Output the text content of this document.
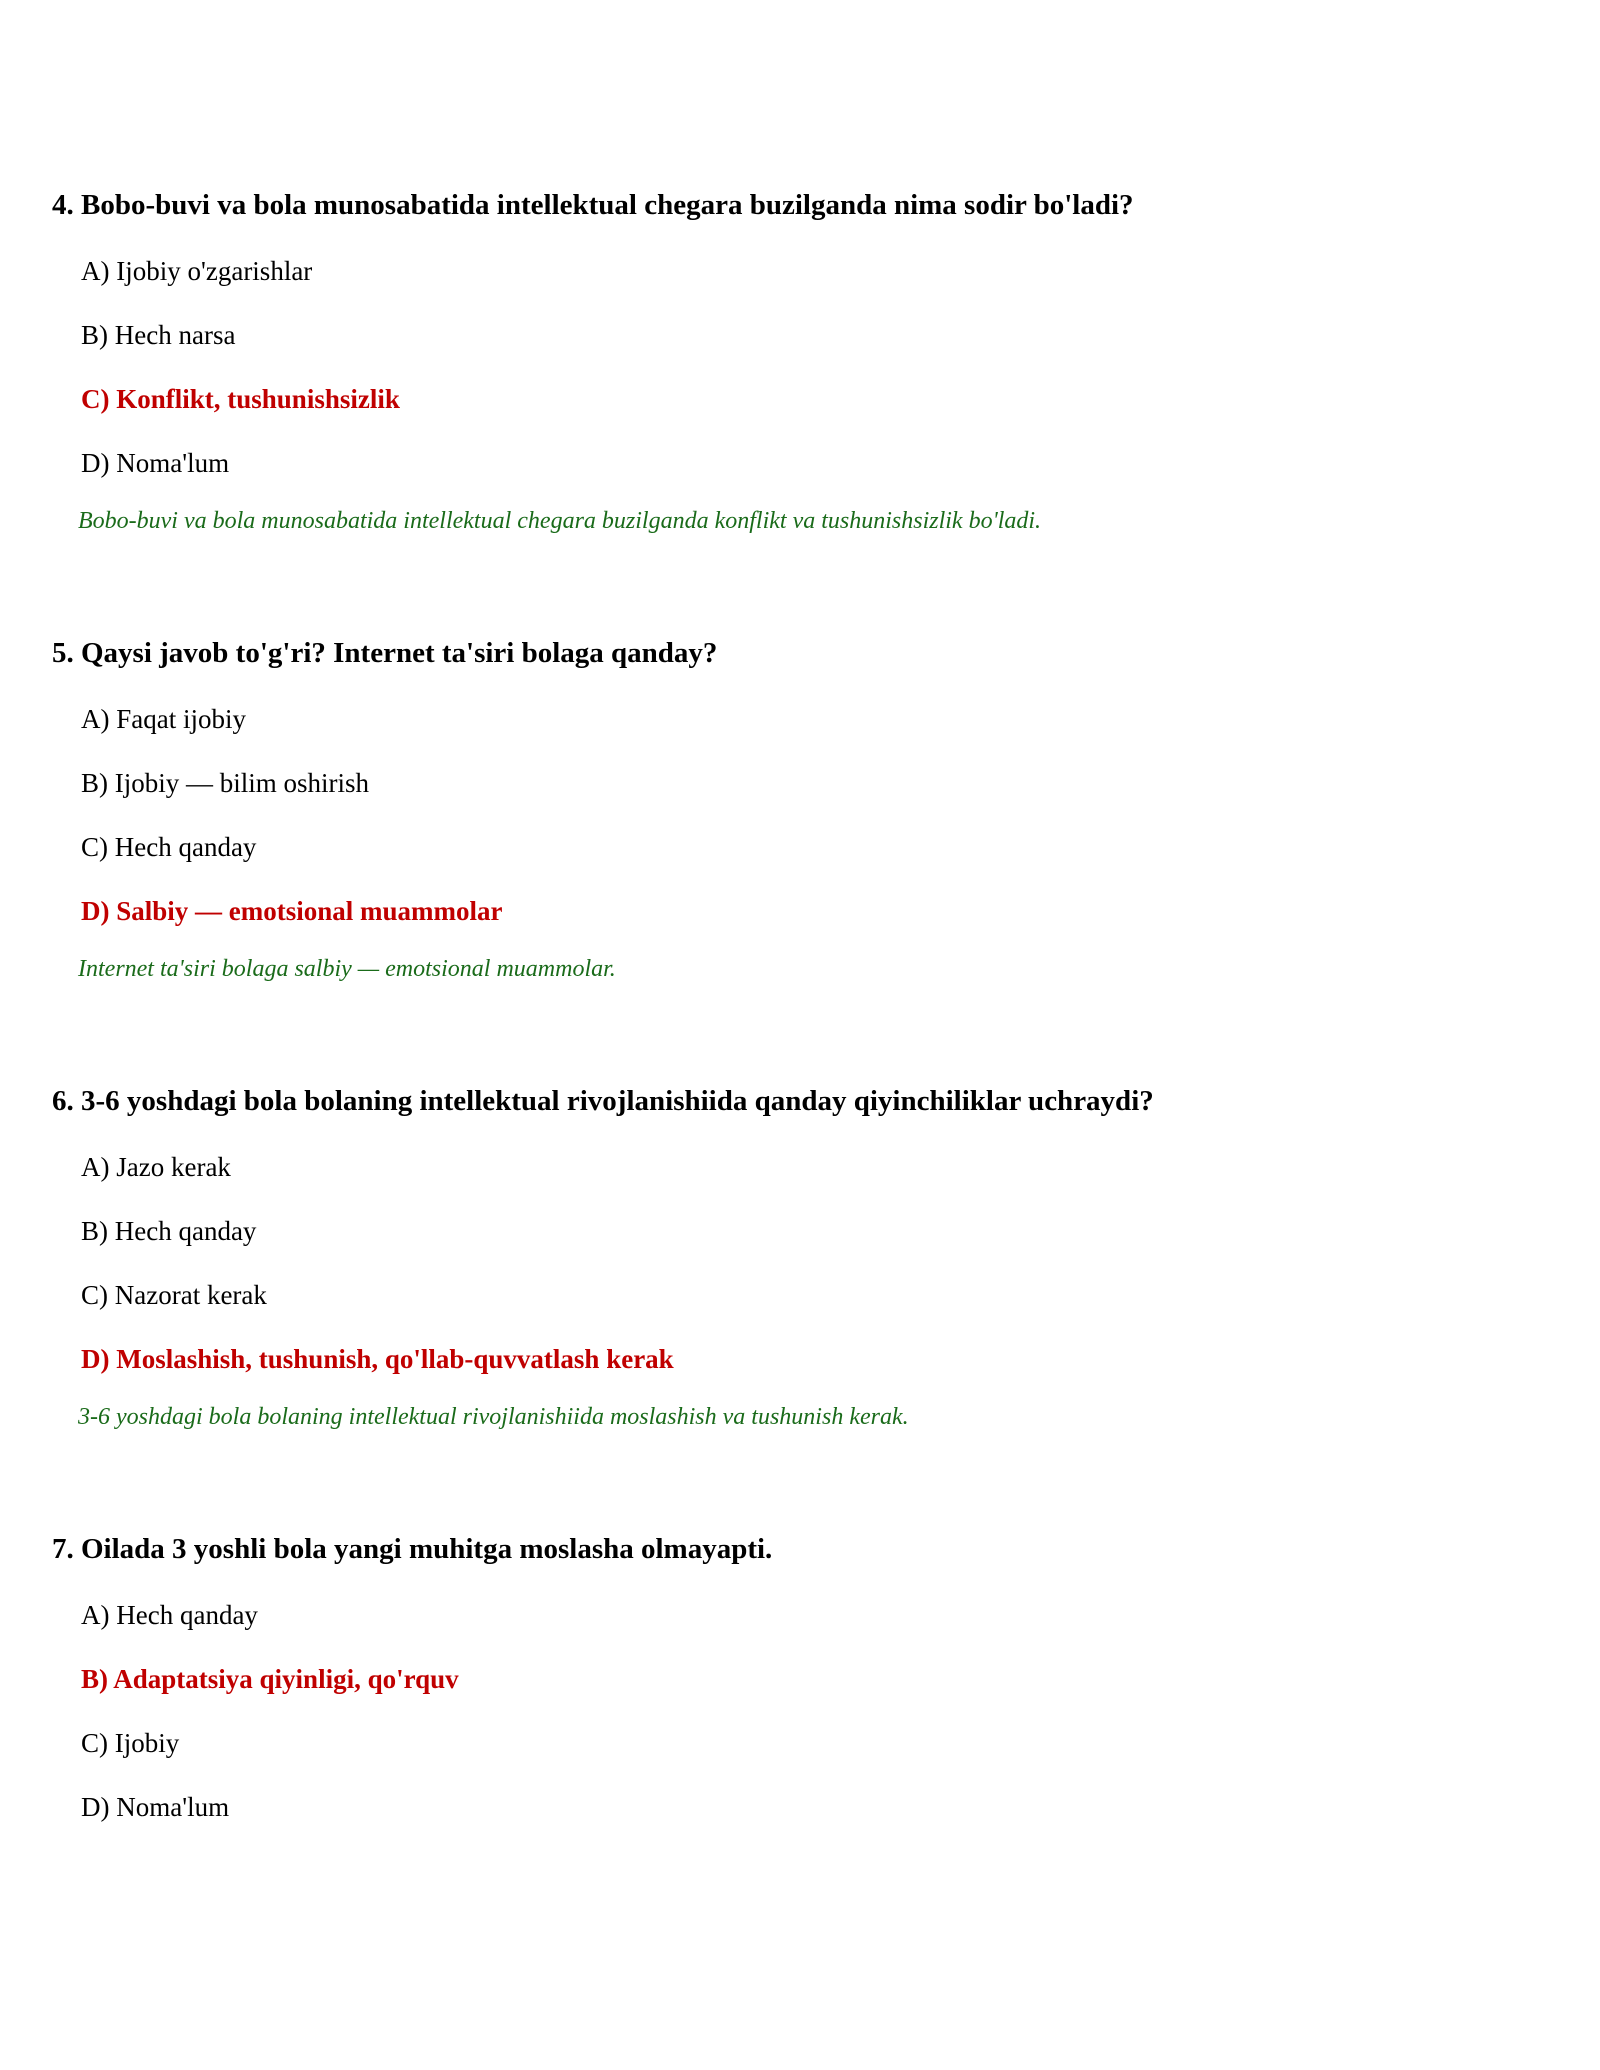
4. Bobo-buvi va bola munosabatida intellektual chegara buzilganda nima sodir bo'ladi?
A) Ijobiy o'zgarishlar
B) Hech narsa
C) Konflikt, tushunishsizlik
D) Noma'lum
Bobo-buvi va bola munosabatida intellektual chegara buzilganda konflikt va tushunishsizlik bo'ladi.
5. Qaysi javob to'g'ri? Internet ta'siri bolaga qanday?
A) Faqat ijobiy
B) Ijobiy — bilim oshirish
C) Hech qanday
D) Salbiy — emotsional muammolar
Internet ta'siri bolaga salbiy — emotsional muammolar.
6. 3-6 yoshdagi bola bolaning intellektual rivojlanishiida qanday qiyinchiliklar uchraydi?
A) Jazo kerak
B) Hech qanday
C) Nazorat kerak
D) Moslashish, tushunish, qo'llab-quvvatlash kerak
3-6 yoshdagi bola bolaning intellektual rivojlanishiida moslashish va tushunish kerak.
7. Oilada 3 yoshli bola yangi muhitga moslasha olmayapti.
A) Hech qanday
B) Adaptatsiya qiyinligi, qo'rquv
C) Ijobiy
D) Noma'lum
